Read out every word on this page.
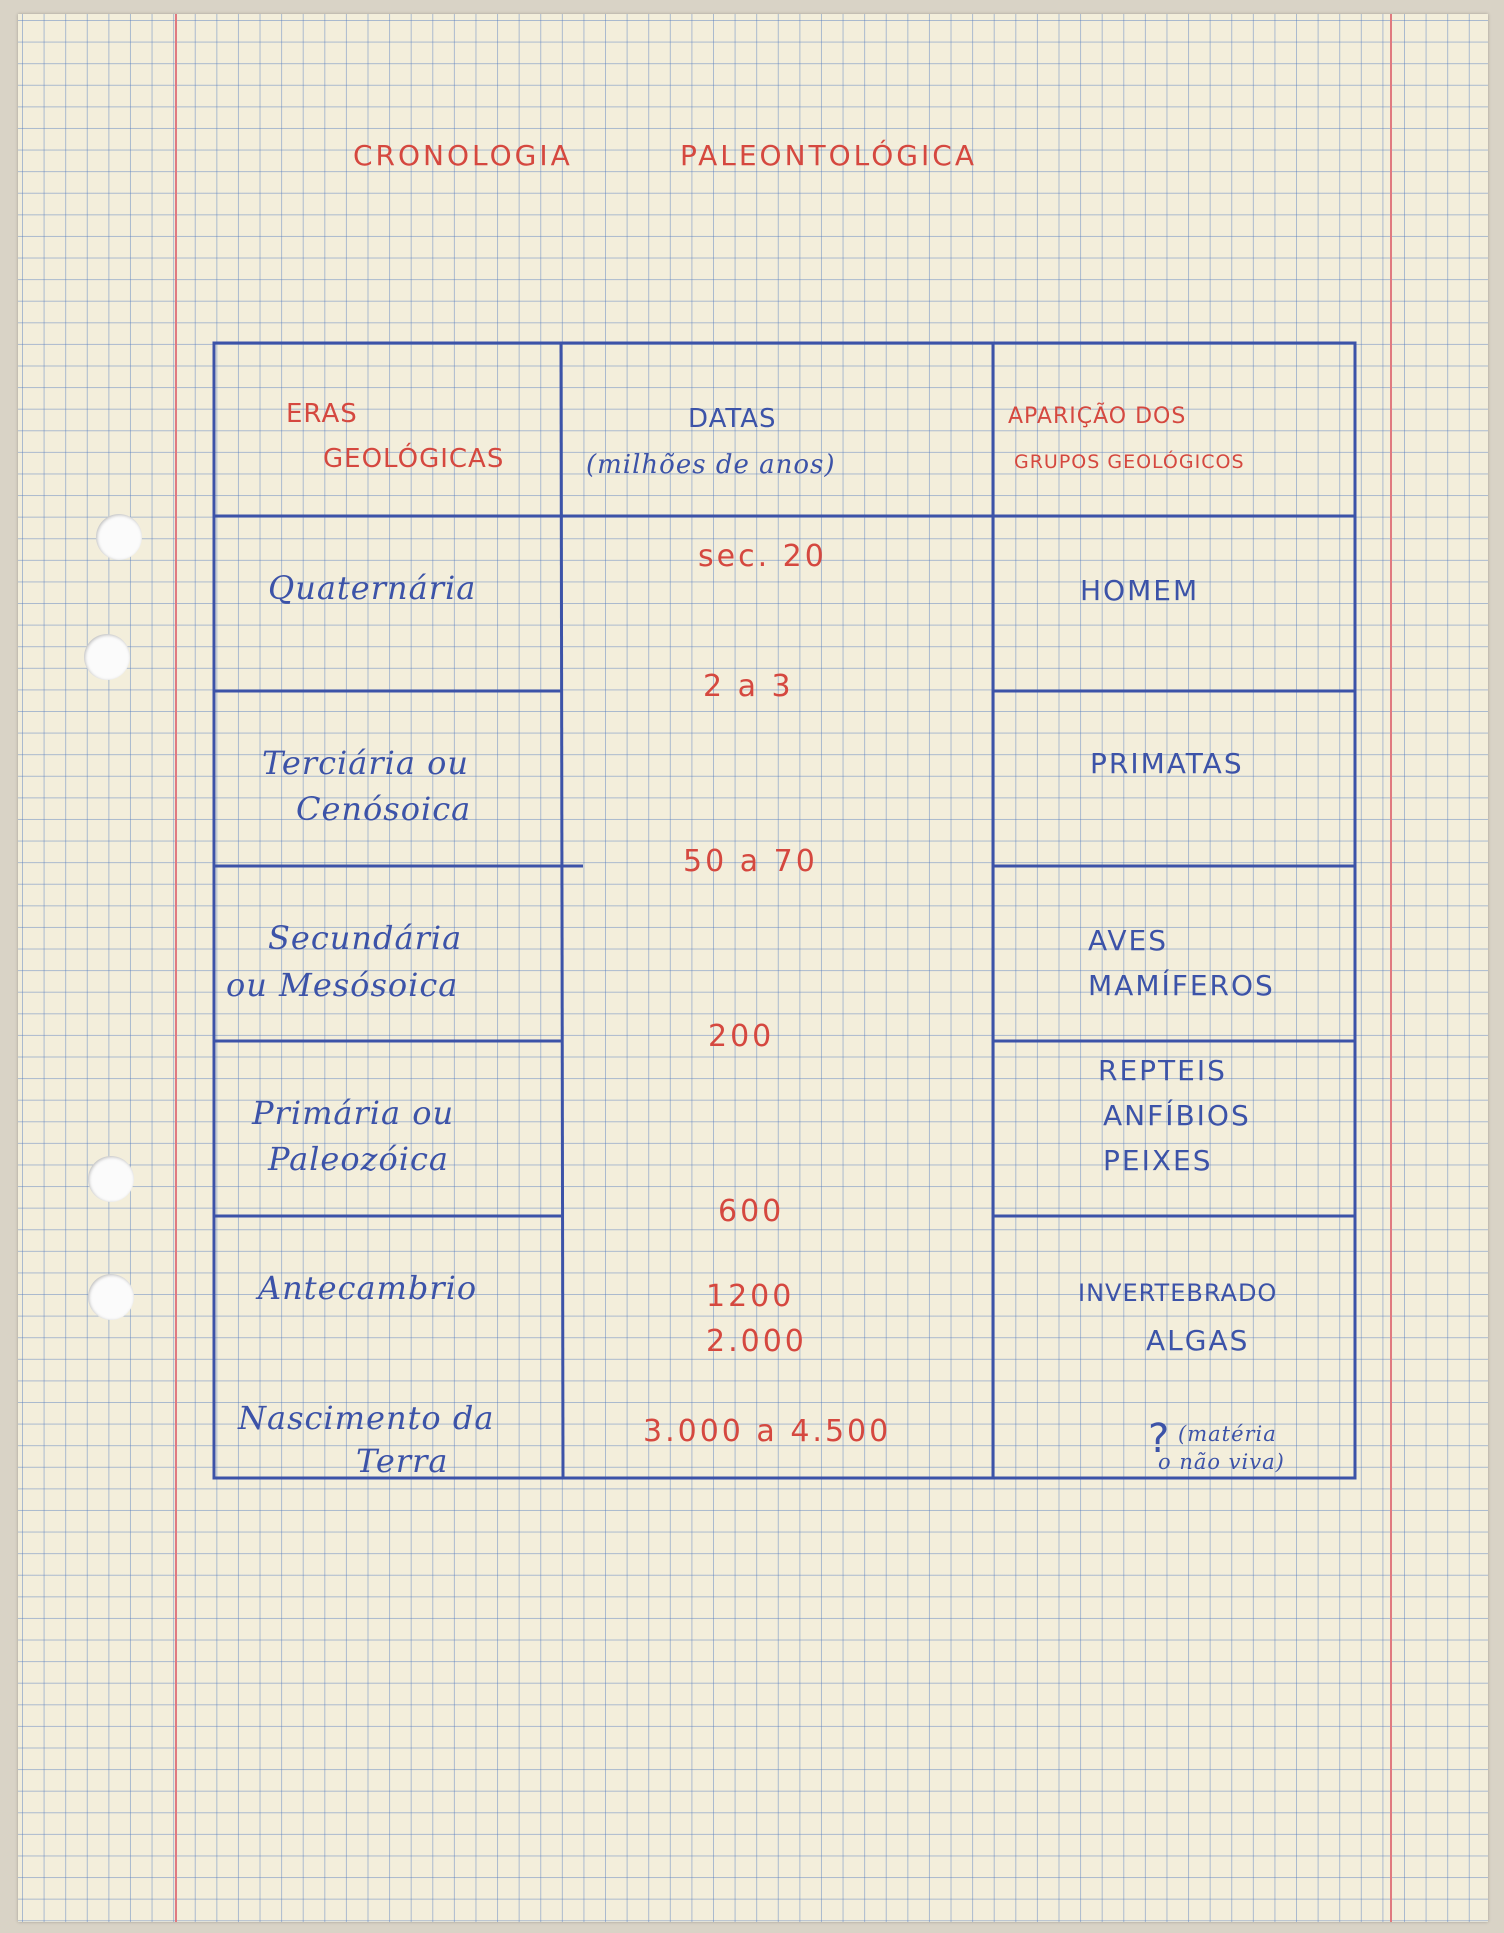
CRONOLOGIA	PALEONTOLÓGICA
ERAS
GEOLÓGICAS
DATAS
(milhões de anos)
APARIÇÃO DOS
GRUPOS GEOLÓGICOS
Quaternária
Terciária ou
Cenósoica
Secundária
ou Mesósoica
Primária ou
Paleozóica
Antecambrio
Nascimento da
Terra
sec. 20
2 a 3
50 a 70
200
600
1200
2.000
3.000 a 4.500
HOMEM
PRIMATAS
AVES
MAMÍFEROS
REPTEIS
ANFÍBIOS
PEIXES
INVERTEBRADO
ALGAS
? (matéria
o não viva)
